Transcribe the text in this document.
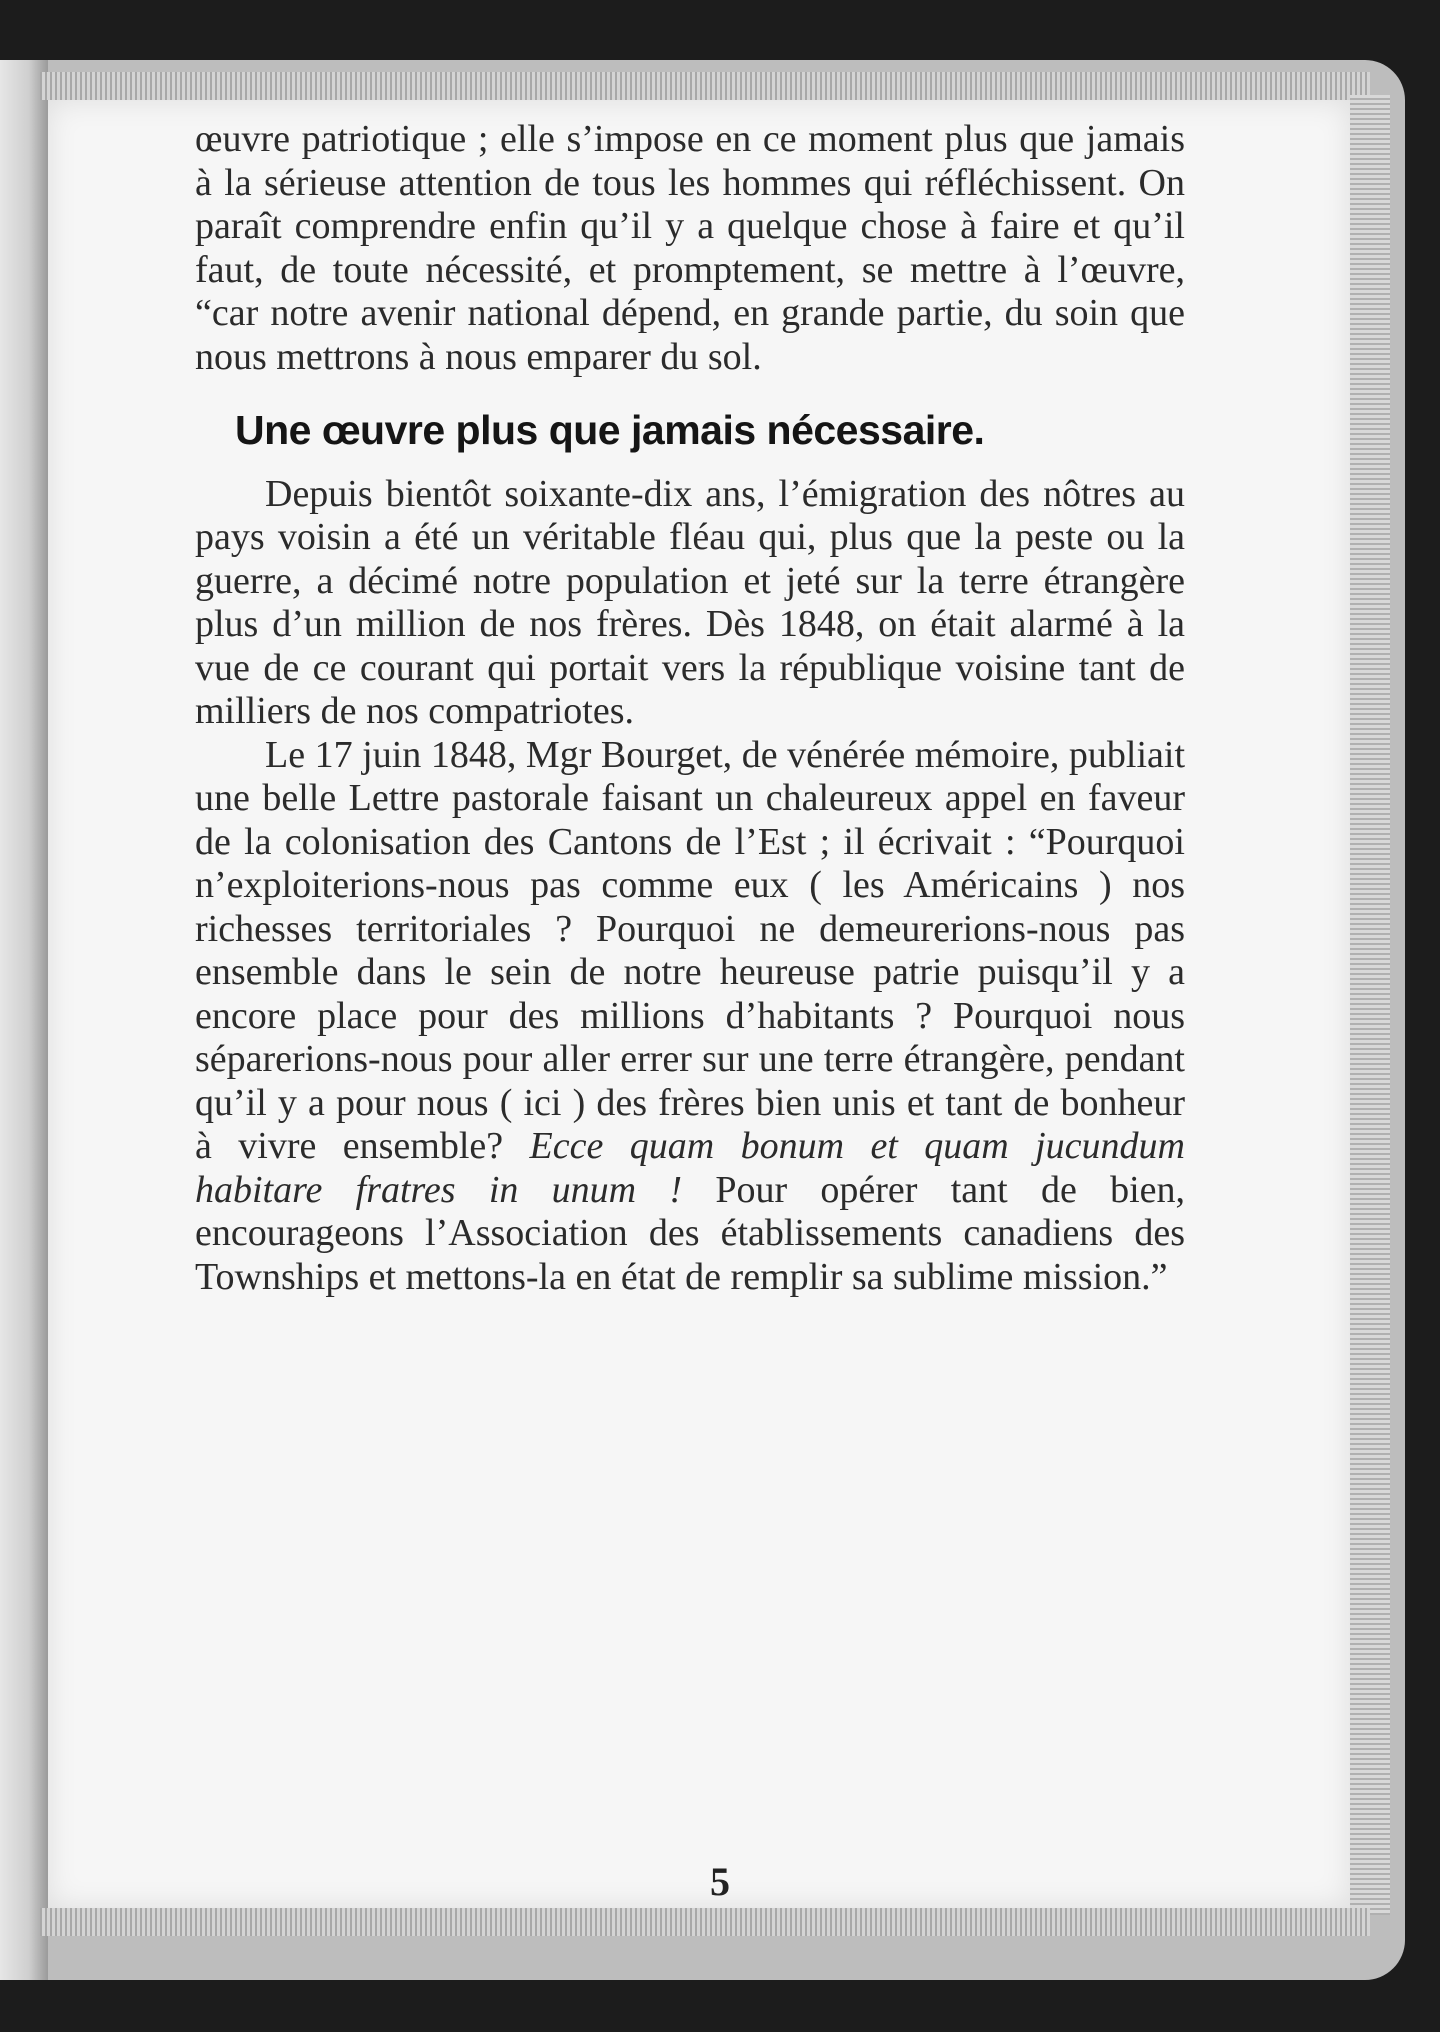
œuvre patriotique ; elle s’impose en ce moment plus que jamais à la sérieuse attention de tous les hommes qui réfléchissent. On paraît comprendre enfin qu’il y a quelque chose à faire et qu’il faut, de toute nécessité, et promptement, se mettre à l’œuvre, “car notre avenir national dépend, en grande partie, du soin que nous mettrons à nous emparer du sol.

Une œuvre plus que jamais nécessaire.

Depuis bientôt soixante-dix ans, l’émigration des nôtres au pays voisin a été un véritable fléau qui, plus que la peste ou la guerre, a décimé notre population et jeté sur la terre étrangère plus d’un million de nos frères. Dès 1848, on était alarmé à la vue de ce courant qui portait vers la république voisine tant de milliers de nos compatriotes.

Le 17 juin 1848, Mgr Bourget, de vénérée mémoire, publiait une belle Lettre pastorale faisant un chaleureux appel en faveur de la colonisation des Cantons de l’Est ; il écrivait : “Pourquoi n’exploiterions-nous pas comme eux ( les Américains ) nos richesses territoriales ? Pourquoi ne demeurerions-nous pas ensemble dans le sein de notre heureuse patrie puisqu’il y a encore place pour des millions d’habitants ? Pourquoi nous séparerions-nous pour aller errer sur une terre étrangère, pendant qu’il y a pour nous ( ici ) des frères bien unis et tant de bonheur à vivre ensemble? Ecce quam bonum et quam jucundum habitare fratres in unum ! Pour opérer tant de bien, encourageons l’Association des établissements canadiens des Townships et mettons-la en état de remplir sa sublime mission.”

5
